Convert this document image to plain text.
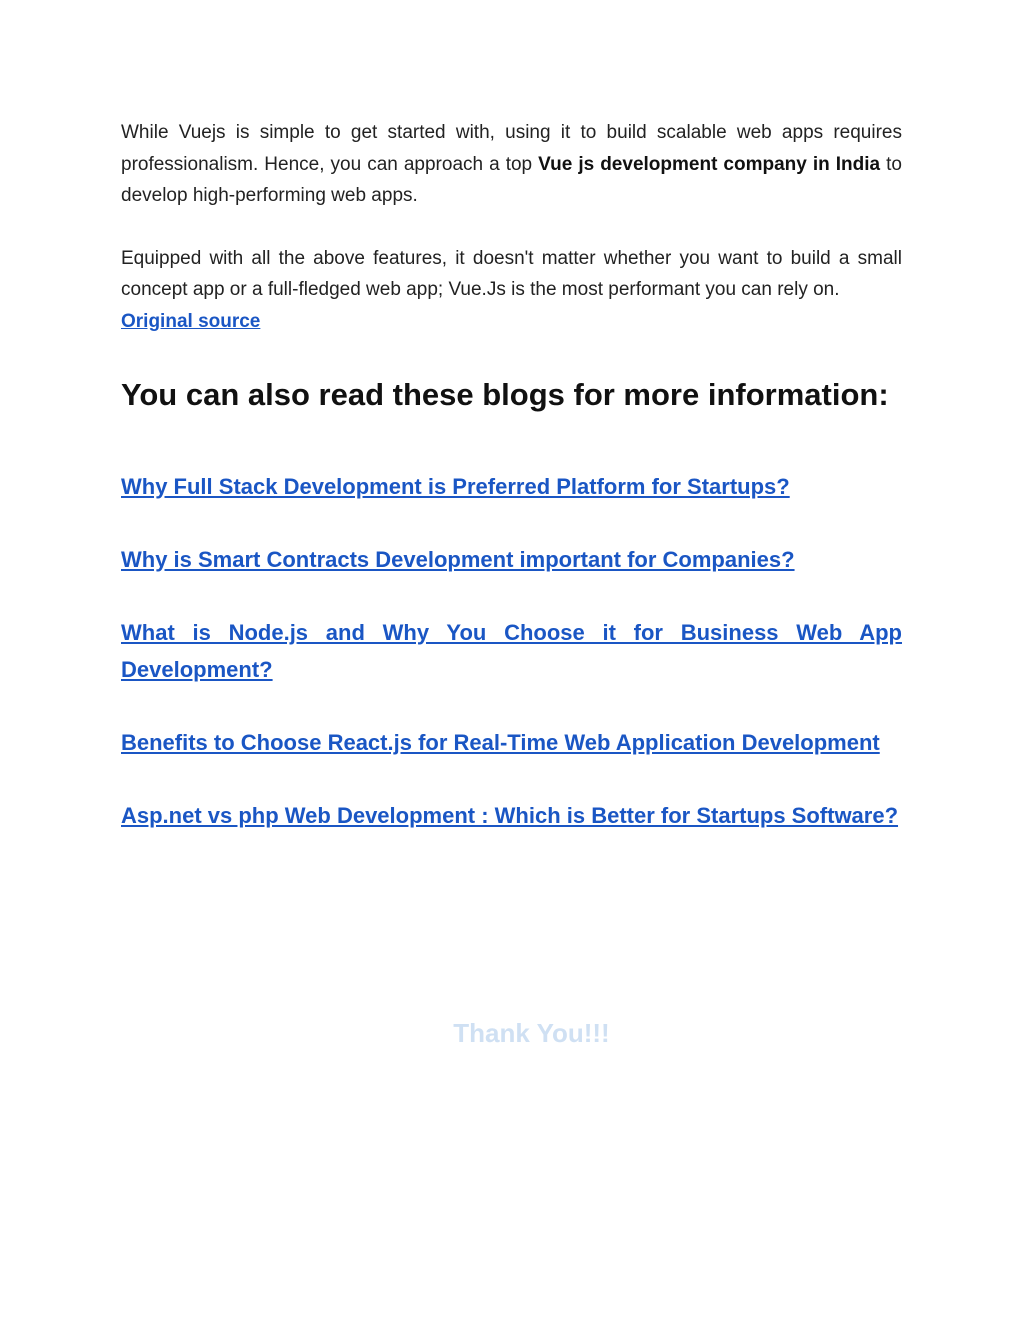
While Vuejs is simple to get started with, using it to build scalable web apps requires professionalism. Hence, you can approach a top Vue js development company in India to develop high-performing web apps.

Equipped with all the above features, it doesn't matter whether you want to build a small concept app or a full-fledged web app; Vue.Js is the most performant you can rely on.

Original source
You can also read these blogs for more information:
Why Full Stack Development is Preferred Platform for Startups?
Why is Smart Contracts Development important for Companies?
What is Node.js and Why You Choose it for Business Web App Development?
Benefits to Choose React.js for Real-Time Web Application Development
Asp.net vs php Web Development : Which is Better for Startups Software?
Thank You!!!
